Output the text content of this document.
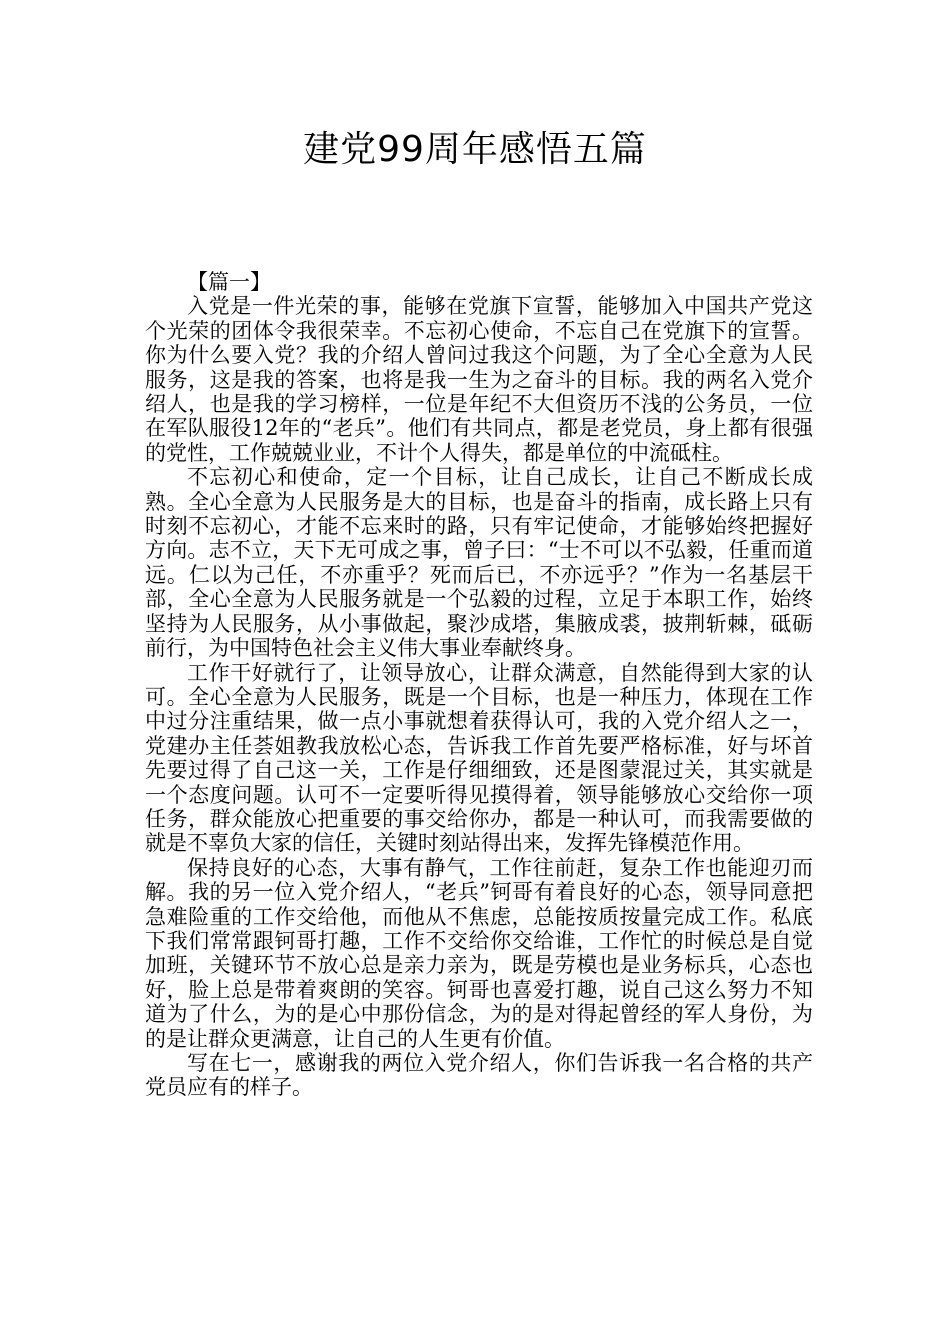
建党99周年感悟五篇

【篇一】

入党是一件光荣的事，能够在党旗下宣誓，能够加入中国共产党这个光荣的团体令我很荣幸。不忘初心使命，不忘自己在党旗下的宣誓。你为什么要入党？我的介绍人曾问过我这个问题，为了全心全意为人民服务，这是我的答案，也将是我一生为之奋斗的目标。我的两名入党介绍人，也是我的学习榜样，一位是年纪不大但资历不浅的公务员，一位在军队服役12年的“老兵”。他们有共同点，都是老党员，身上都有很强的党性，工作兢兢业业，不计个人得失，都是单位的中流砥柱。

不忘初心和使命，定一个目标，让自己成长，让自己不断成长成熟。全心全意为人民服务是大的目标，也是奋斗的指南，成长路上只有时刻不忘初心，才能不忘来时的路，只有牢记使命，才能够始终把握好方向。志不立，天下无可成之事，曾子曰：“士不可以不弘毅，任重而道远。仁以为己任，不亦重乎？死而后已，不亦远乎？”作为一名基层干部，全心全意为人民服务就是一个弘毅的过程，立足于本职工作，始终坚持为人民服务，从小事做起，聚沙成塔，集腋成裘，披荆斩棘，砥砺前行，为中国特色社会主义伟大事业奉献终身。

工作干好就行了，让领导放心，让群众满意，自然能得到大家的认可。全心全意为人民服务，既是一个目标，也是一种压力，体现在工作中过分注重结果，做一点小事就想着获得认可，我的入党介绍人之一，党建办主任荟姐教我放松心态，告诉我工作首先要严格标准，好与坏首先要过得了自己这一关，工作是仔细细致，还是图蒙混过关，其实就是一个态度问题。认可不一定要听得见摸得着，领导能够放心交给你一项任务，群众能放心把重要的事交给你办，都是一种认可，而我需要做的就是不辜负大家的信任，关键时刻站得出来，发挥先锋模范作用。

保持良好的心态，大事有静气，工作往前赶，复杂工作也能迎刃而解。我的另一位入党介绍人，“老兵”钶哥有着良好的心态，领导同意把急难险重的工作交给他，而他从不焦虑，总能按质按量完成工作。私底下我们常常跟钶哥打趣，工作不交给你交给谁，工作忙的时候总是自觉加班，关键环节不放心总是亲力亲为，既是劳模也是业务标兵，心态也好，脸上总是带着爽朗的笑容。钶哥也喜爱打趣，说自己这么努力不知道为了什么，为的是心中那份信念，为的是对得起曾经的军人身份，为的是让群众更满意，让自己的人生更有价值。

写在七一，感谢我的两位入党介绍人，你们告诉我一名合格的共产党员应有的样子。
